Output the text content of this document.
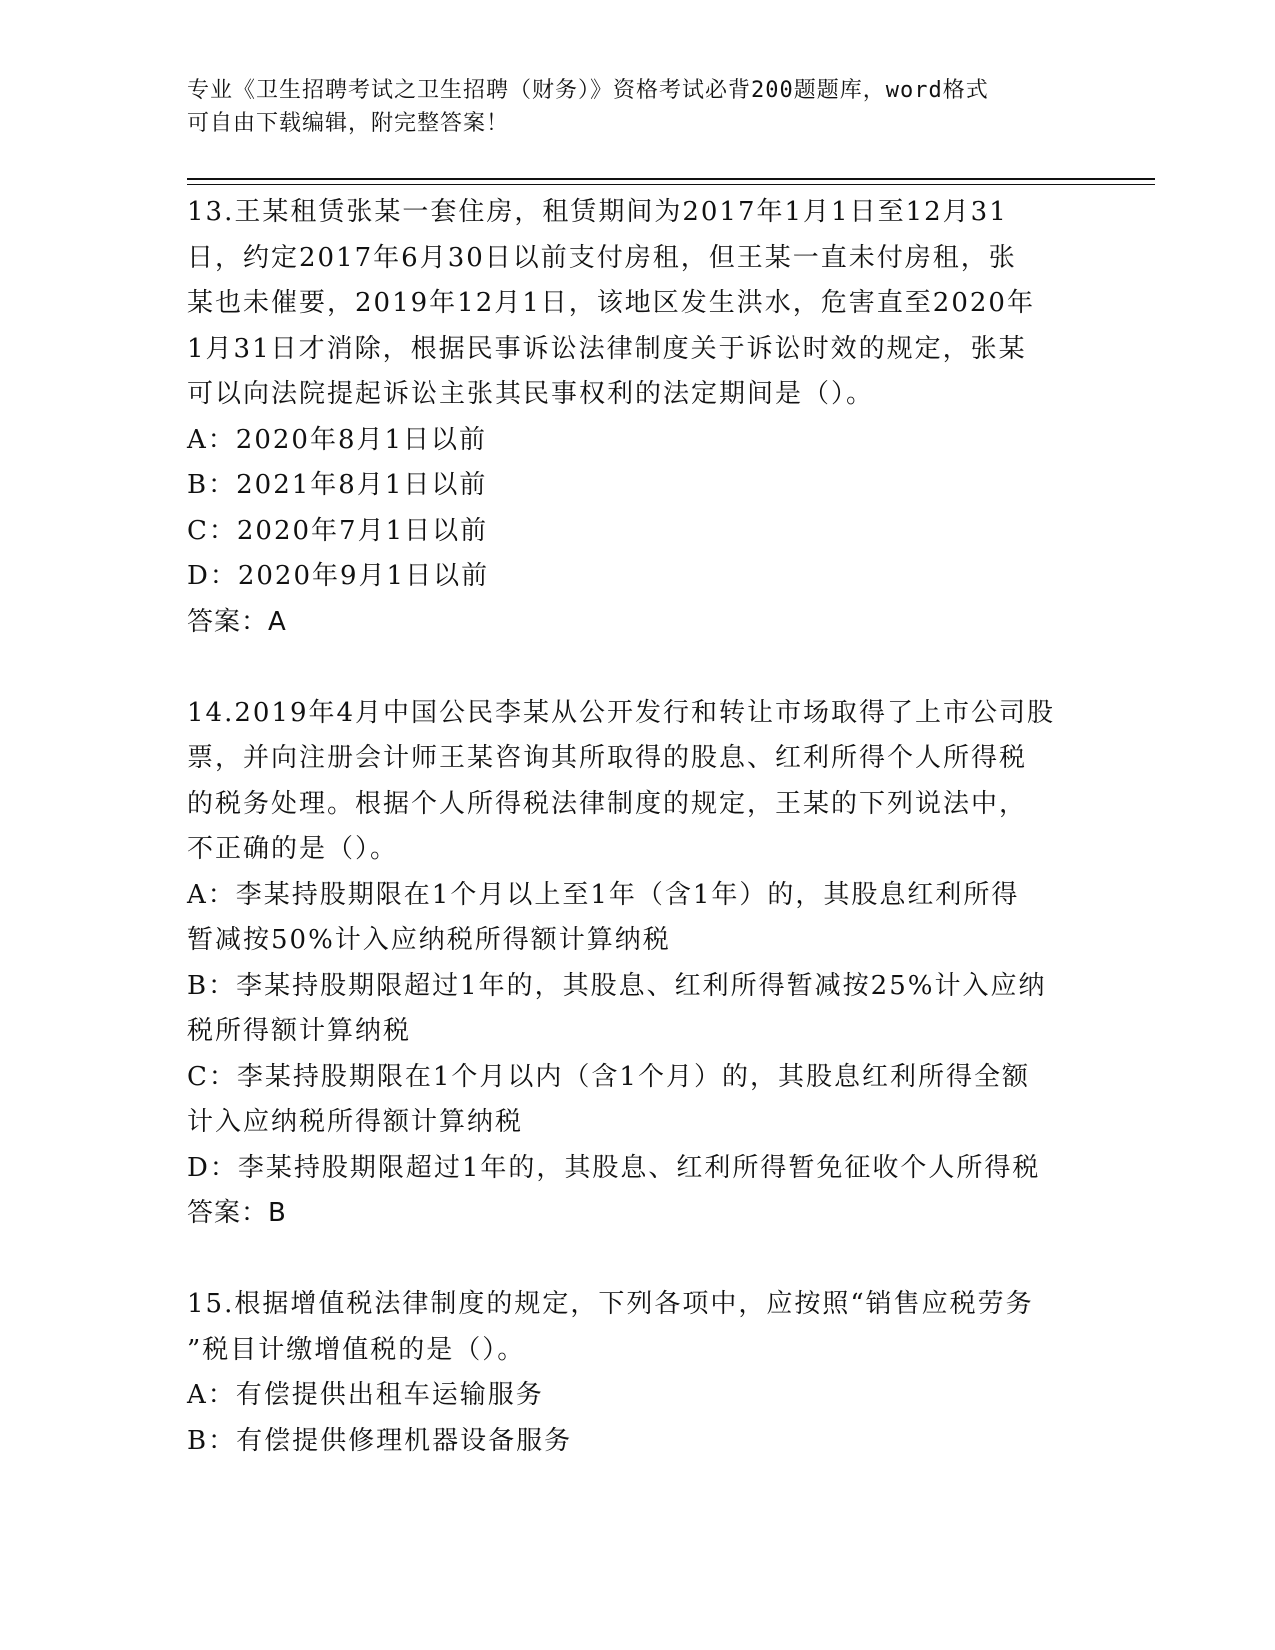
专业《卫生招聘考试之卫生招聘（财务）》资格考试必背200题题库，word格式
可自由下载编辑，附完整答案！
13.王某租赁张某一套住房，租赁期间为2017年1月1日至12月31
日，约定2017年6月30日以前支付房租，但王某一直未付房租，张
某也未催要，2019年12月1日，该地区发生洪水，危害直至2020年
1月31日才消除，根据民事诉讼法律制度关于诉讼时效的规定，张某
可以向法院提起诉讼主张其民事权利的法定期间是（）。
A：2020年8月1日以前
B：2021年8月1日以前
C：2020年7月1日以前
D：2020年9月1日以前
答案：A
14.2019年4月中国公民李某从公开发行和转让市场取得了上市公司股
票，并向注册会计师王某咨询其所取得的股息、红利所得个人所得税
的税务处理。根据个人所得税法律制度的规定，王某的下列说法中，
不正确的是（）。
A：李某持股期限在1个月以上至1年（含1年）的，其股息红利所得
暂减按50%计入应纳税所得额计算纳税
B：李某持股期限超过1年的，其股息、红利所得暂减按25%计入应纳
税所得额计算纳税
C：李某持股期限在1个月以内（含1个月）的，其股息红利所得全额
计入应纳税所得额计算纳税
D：李某持股期限超过1年的，其股息、红利所得暂免征收个人所得税
答案：B
15.根据增值税法律制度的规定，下列各项中，应按照“销售应税劳务
”税目计缴增值税的是（）。
A：有偿提供出租车运输服务
B：有偿提供修理机器设备服务
